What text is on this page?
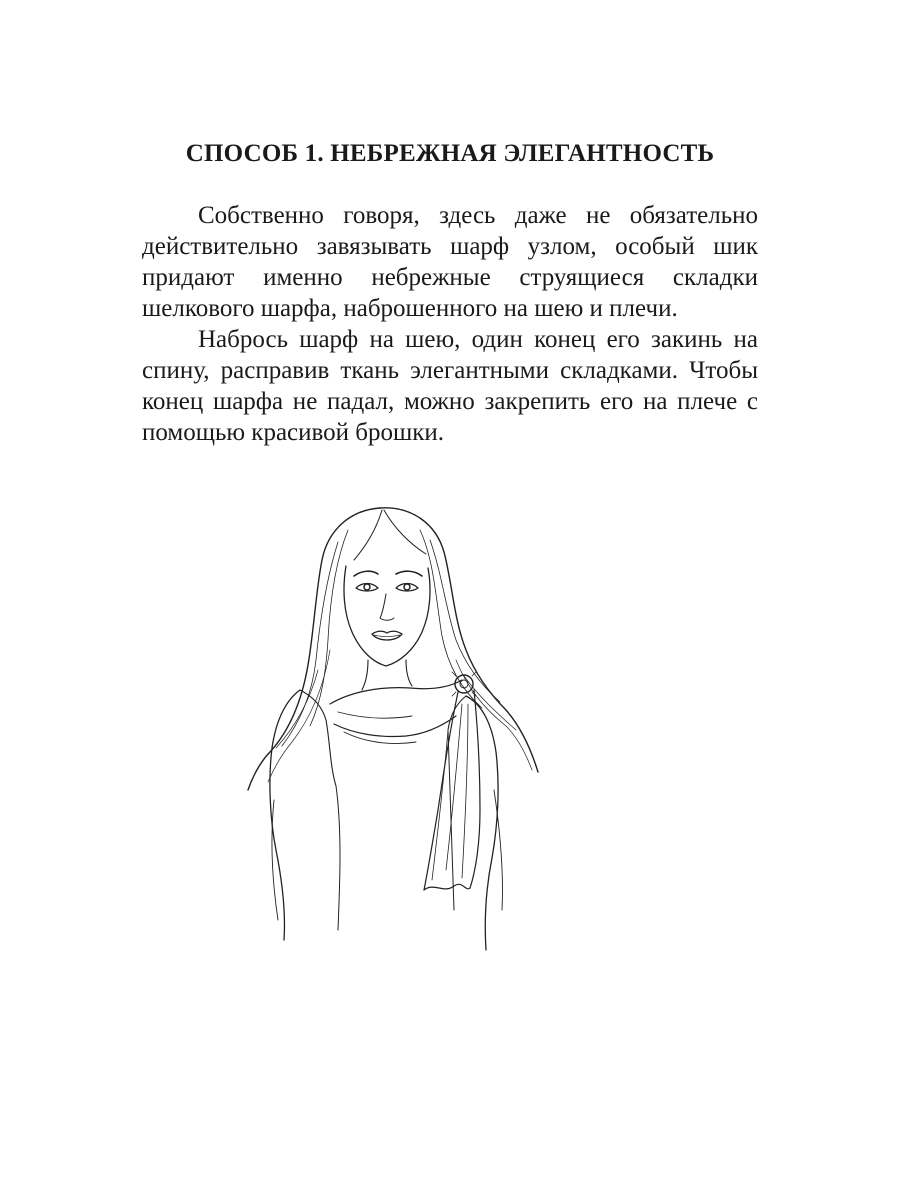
СПОСОБ 1. НЕБРЕЖНАЯ ЭЛЕГАНТНОСТЬ

Собственно говоря, здесь даже не обязательно действительно завязывать шарф узлом, особый шик придают именно небрежные струящиеся складки шелкового шарфа, наброшенного на шею и плечи.

Набрось шарф на шею, один конец его закинь на спину, расправив ткань элегантными складками. Чтобы конец шарфа не падал, можно закрепить его на плече с помощью красивой брошки.
